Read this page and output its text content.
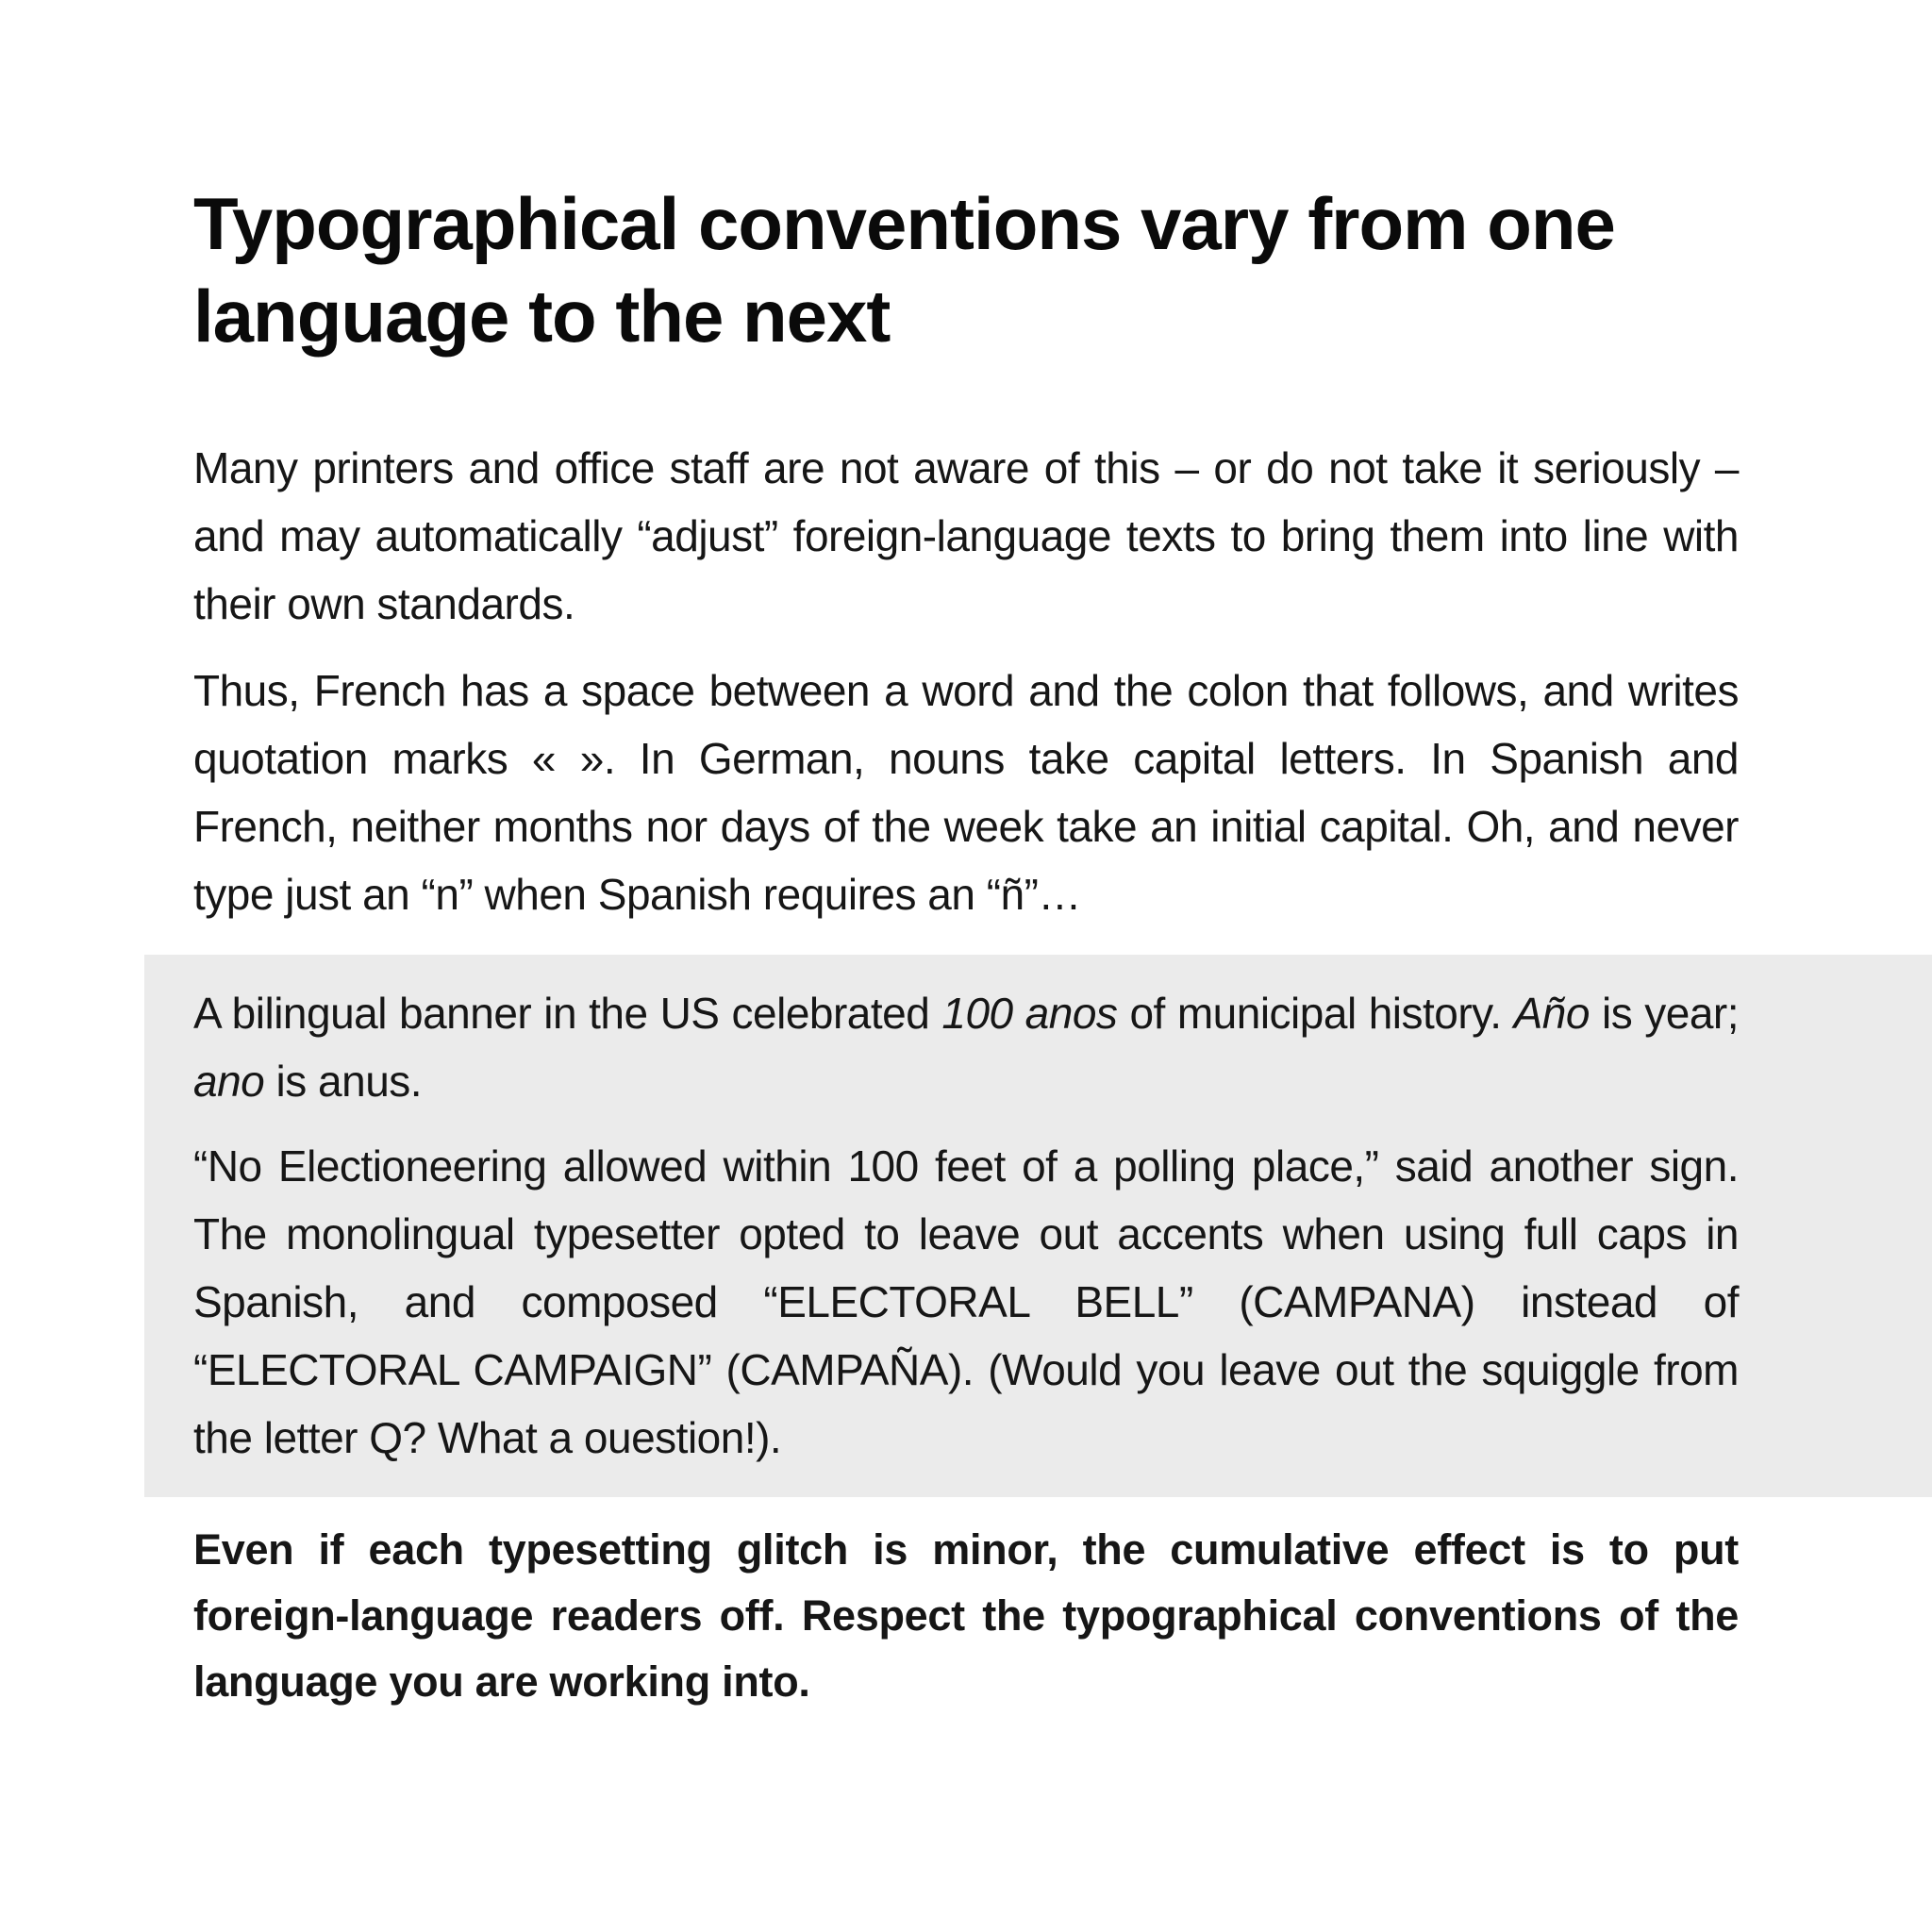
Typographical conventions vary from one language to the next

Many printers and office staff are not aware of this – or do not take it seriously – and may automatically “adjust” foreign-language texts to bring them into line with their own standards.

Thus, French has a space between a word and the colon that follows, and writes quotation marks « ». In German, nouns take capital letters. In Spanish and French, neither months nor days of the week take an initial capital. Oh, and never type just an “n” when Spanish requires an “ñ”…

A bilingual banner in the US celebrated 100 anos of municipal history. Año is year; ano is anus.

“No Electioneering allowed within 100 feet of a polling place,” said another sign. The monolingual typesetter opted to leave out accents when using full caps in Spanish, and composed “ELECTORAL BELL” (CAMPANA) instead of “ELECTORAL CAMPAIGN” (CAMPAÑA). (Would you leave out the squiggle from the letter Q? What a ouestion!).

Even if each typesetting glitch is minor, the cumulative effect is to put foreign-language readers off. Respect the typographical conventions of the language you are working into.
